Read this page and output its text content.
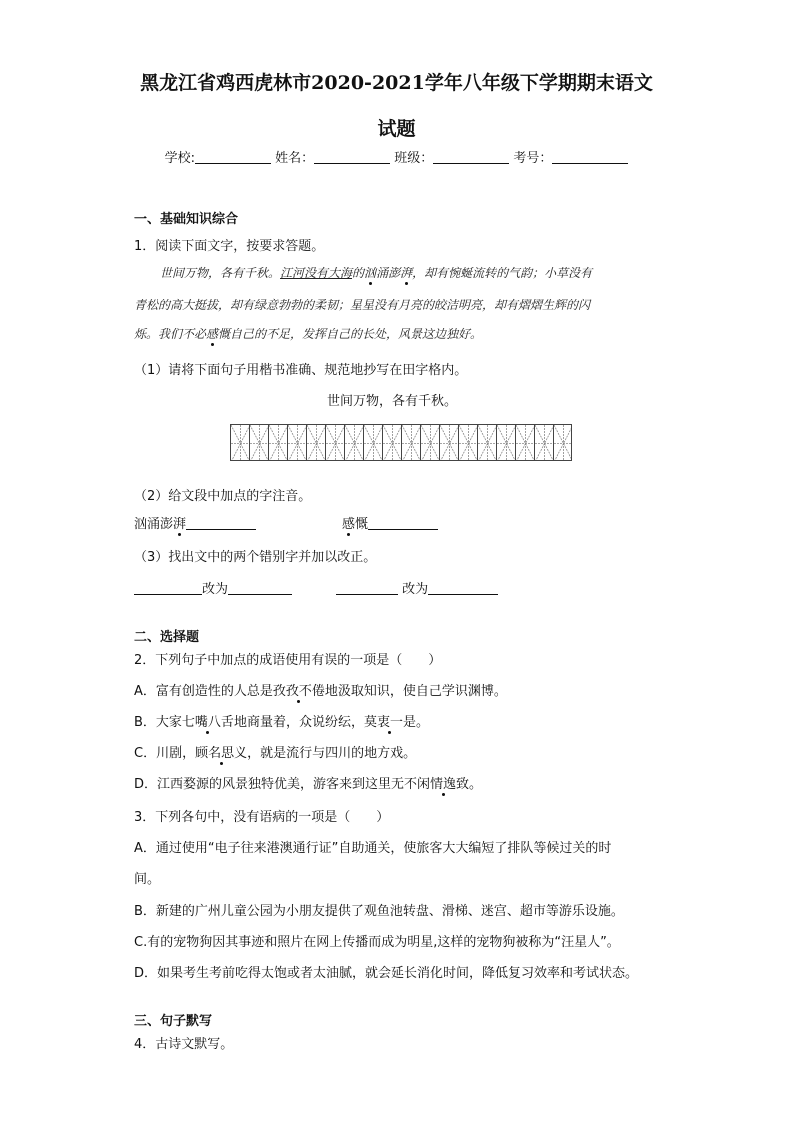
黑龙江省鸡西虎林市2020-2021学年八年级下学期期末语文
试题
学校:	姓名：	班级：	考号：
一、基础知识综合
1．阅读下面文字，按要求答题。
世间万物，各有千秋。江河没有大海的汹涌澎湃，却有惋蜒流转的气韵；小草没有
青松的高大挺拔，却有绿意勃勃的柔韧；星星没有月亮的皎洁明亮，却有熠熠生辉的闪
烁。我们不必感慨自己的不足，发挥自己的长处，风景这边独好。
（1）请将下面句子用楷书准确、规范地抄写在田字格内。
世间万物，各有千秋。
（2）给文段中加点的字注音。
汹涌澎湃	感慨
（3）找出文中的两个错别字并加以改正。
改为	改为
二、选择题
2．下列句子中加点的成语使用有误的一项是（　　）
A．富有创造性的人总是孜孜不倦地汲取知识，使自己学识渊博。
B．大家七嘴八舌地商量着，众说纷纭，莫衷一是。
C．川剧，顾名思义，就是流行与四川的地方戏。
D．江西婺源的风景独特优美，游客来到这里无不闲情逸致。
3．下列各句中，没有语病的一项是（　　）
A．通过使用“电子往来港澳通行证”自助通关，使旅客大大编短了排队等候过关的时
间。
B．新建的广州儿童公园为小朋友提供了观鱼池转盘、滑梯、迷宫、超市等游乐设施。
C.有的宠物狗因其事迹和照片在网上传播而成为明星,这样的宠物狗被称为“汪星人”。
D．如果考生考前吃得太饱或者太油腻，就会延长消化时间，降低复习效率和考试状态。
三、句子默写
4．古诗文默写。
